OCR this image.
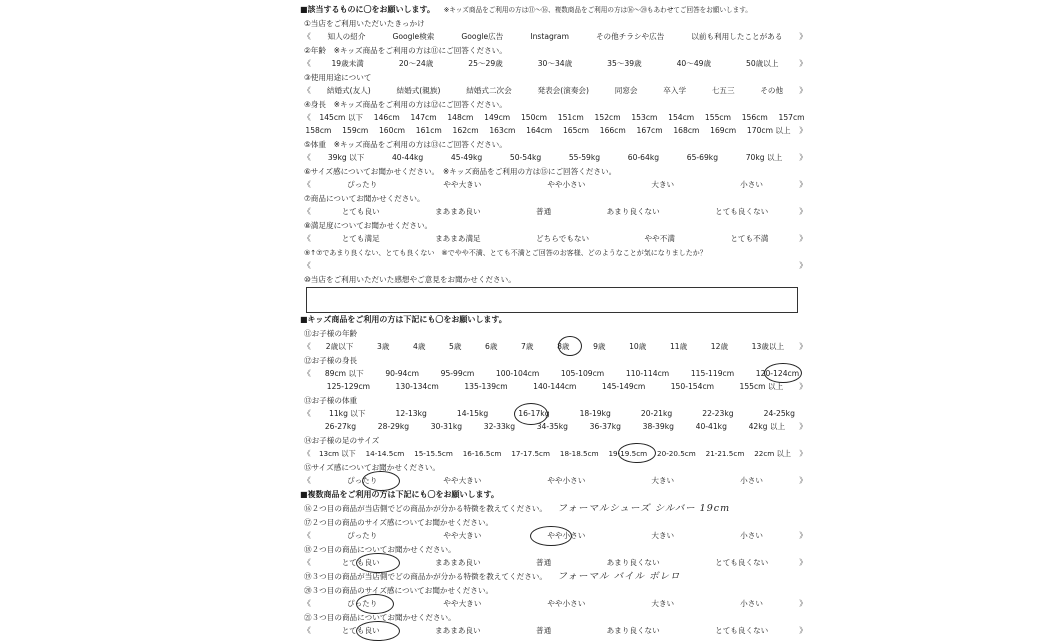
■該当するものに〇をお願いします。 ※キッズ商品をご利用の方は⑪～⑯、複数商品をご利用の方は⑯～⑳もあわせてご回答をお願いします。
①当店をご利用いただいたきっかけ
《	知人の紹介	Google検索	Google広告	Instagram	その他チラシや広告	以前も利用したことがある	》
②年齢　※キッズ商品をご利用の方は⑪にご回答ください。
《	19歳未満	20～24歳	25～29歳	30～34歳	35～39歳	40～49歳	50歳以上	》
③使用用途について
《	結婚式(友人)	結婚式(親族)	結婚式二次会	発表会(演奏会)	同窓会	卒入学	七五三	その他	》
④身長　※キッズ商品をご利用の方は⑫にご回答ください。
《	145cm 以下 146cm 147cm 148cm 149cm 150cm 151cm 152cm 153cm 154cm 155cm 156cm 157cm
158cm 159cm 160cm 161cm 162cm 163cm 164cm 165cm 166cm 167cm 168cm 169cm 170cm 以上	》
⑤体重　※キッズ商品をご利用の方は⑬にご回答ください。
《	39kg 以下	40-44kg	45-49kg	50-54kg	55-59kg	60-64kg	65-69kg	70kg 以上	》
⑥サイズ感についてお聞かせください。　※キッズ商品をご利用の方は⑮にご回答ください。
《	ぴったり	やや大きい	やや小さい	大きい	小さい	》
⑦商品についてお聞かせください。
《	とても良い	まあまあ良い	普通	あまり良くない	とても良くない	》
⑧満足度についてお聞かせください。
《	とても満足	まあまあ満足	どちらでもない	やや不満	とても不満	》
⑨↑⑦であまり良くない、とても良くない　⑧でやや不満、とても不満とご回答のお客様、どのようなことが気になりましたか？
《	》
⑩当店をご利用いただいた感想やご意見をお聞かせください。
■キッズ商品をご利用の方は下記にも〇をお願いします。
⑪お子様の年齢
《	2歳以下	3歳	4歳	5歳	6歳	7歳	8歳	9歳	10歳	11歳	12歳	13歳以上	》
⑫お子様の身長
《	89cm 以下	90-94cm	95-99cm	100-104cm	105-109cm	110-114cm	115-119cm	120-124cm
125-129cm	130-134cm	135-139cm	140-144cm	145-149cm	150-154cm	155cm 以上	》
⑬お子様の体重
《	11kg 以下	12-13kg	14-15kg	16-17kg	18-19kg	20-21kg	22-23kg	24-25kg
26-27kg	28-29kg	30-31kg	32-33kg	34-35kg	36-37kg	38-39kg	40-41kg	42kg 以上	》
⑭お子様の足のサイズ
《	13cm 以下 14-14.5cm 15-15.5cm 16-16.5cm 17-17.5cm 18-18.5cm 19-19.5cm 20-20.5cm 21-21.5cm 22cm 以上	》
⑮サイズ感についてお聞かせください。
《	ぴったり	やや大きい	やや小さい	大きい	小さい	》
■複数商品をご利用の方は下記にも〇をお願いします。
⑯２つ目の商品が当店側でどの商品かが分かる特徴を教えてください。 フォーマルシューズ シルバー 19cm
⑰２つ目の商品のサイズ感についてお聞かせください。
《	ぴったり	やや大きい	やや小さい	大きい	小さい	》
⑱２つ目の商品についてお聞かせください。
《	とても良い	まあまあ良い	普通	あまり良くない	とても良くない	》
⑲３つ目の商品が当店側でどの商品かが分かる特徴を教えてください。 フォーマル バイル ボレロ
⑳３つ目の商品のサイズ感についてお聞かせください。
《	ぴったり	やや大きい	やや小さい	大きい	小さい	》
㉑３つ目の商品についてお聞かせください。
《	とても良い	まあまあ良い	普通	あまり良くない	とても良くない	》
